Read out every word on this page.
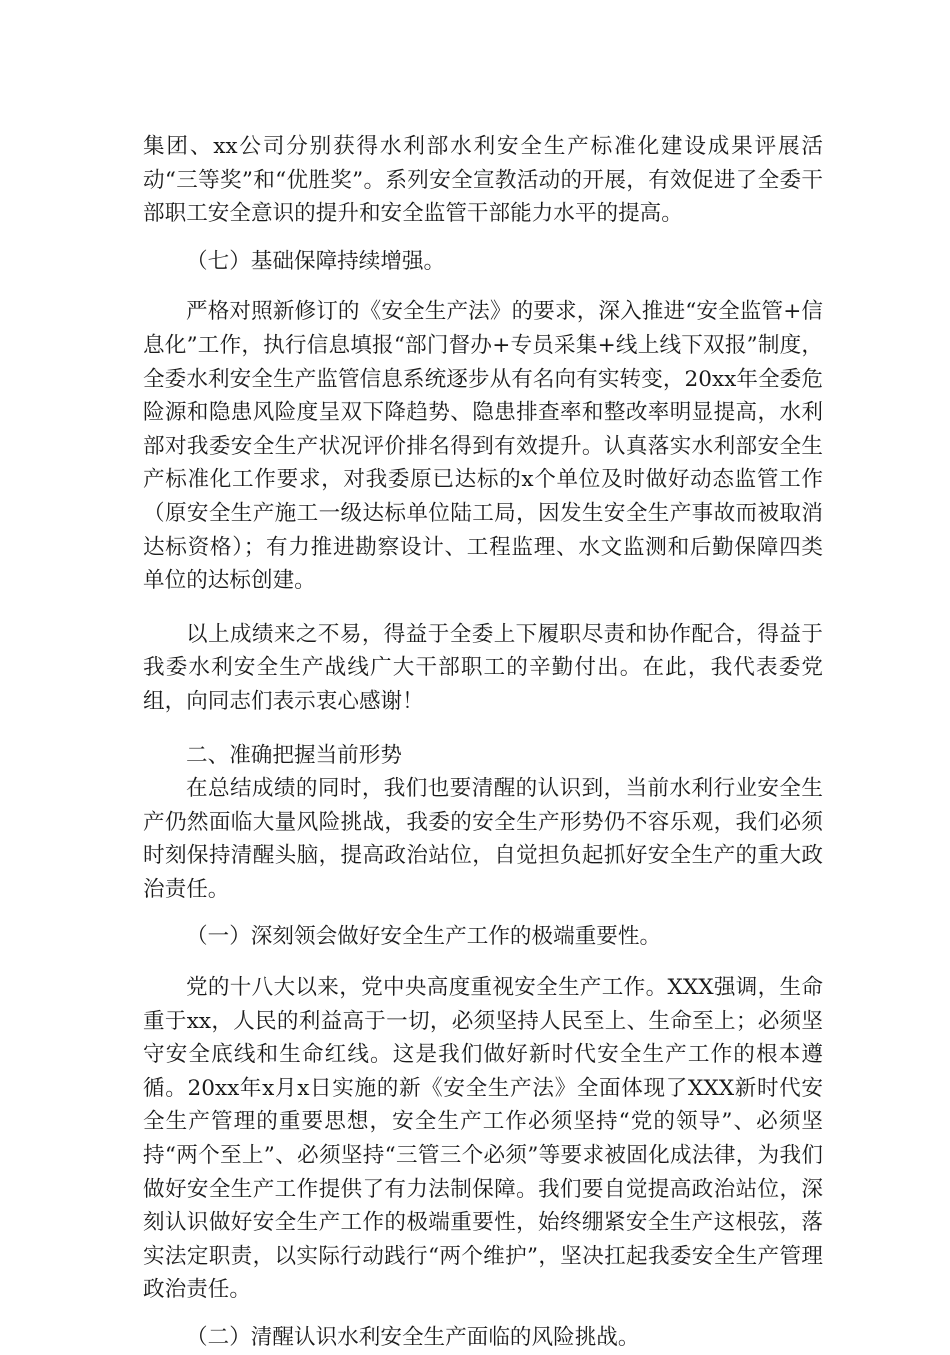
集团、xx公司分别获得水利部水利安全生产标准化建设成果评展活动“三等奖”和“优胜奖”。系列安全宣教活动的开展，有效促进了全委干部职工安全意识的提升和安全监管干部能力水平的提高。

（七）基础保障持续增强。

严格对照新修订的《安全生产法》的要求，深入推进“安全监管+信息化”工作，执行信息填报“部门督办+专员采集+线上线下双报”制度，全委水利安全生产监管信息系统逐步从有名向有实转变，20xx年全委危险源和隐患风险度呈双下降趋势、隐患排查率和整改率明显提高，水利部对我委安全生产状况评价排名得到有效提升。认真落实水利部安全生产标准化工作要求，对我委原已达标的x个单位及时做好动态监管工作（原安全生产施工一级达标单位陆工局，因发生安全生产事故而被取消达标资格）；有力推进勘察设计、工程监理、水文监测和后勤保障四类单位的达标创建。

以上成绩来之不易，得益于全委上下履职尽责和协作配合，得益于我委水利安全生产战线广大干部职工的辛勤付出。在此，我代表委党组，向同志们表示衷心感谢！

二、准确把握当前形势

在总结成绩的同时，我们也要清醒的认识到，当前水利行业安全生产仍然面临大量风险挑战，我委的安全生产形势仍不容乐观，我们必须时刻保持清醒头脑，提高政治站位，自觉担负起抓好安全生产的重大政治责任。

（一）深刻领会做好安全生产工作的极端重要性。

党的十八大以来，党中央高度重视安全生产工作。XXX强调，生命重于xx，人民的利益高于一切，必须坚持人民至上、生命至上；必须坚守安全底线和生命红线。这是我们做好新时代安全生产工作的根本遵循。20xx年x月x日实施的新《安全生产法》全面体现了XXX新时代安全生产管理的重要思想，安全生产工作必须坚持“党的领导”、必须坚持“两个至上”、必须坚持“三管三个必须”等要求被固化成法律，为我们做好安全生产工作提供了有力法制保障。我们要自觉提高政治站位，深刻认识做好安全生产工作的极端重要性，始终绷紧安全生产这根弦，落实法定职责，以实际行动践行“两个维护”，坚决扛起我委安全生产管理政治责任。

（二）清醒认识水利安全生产面临的风险挑战。
